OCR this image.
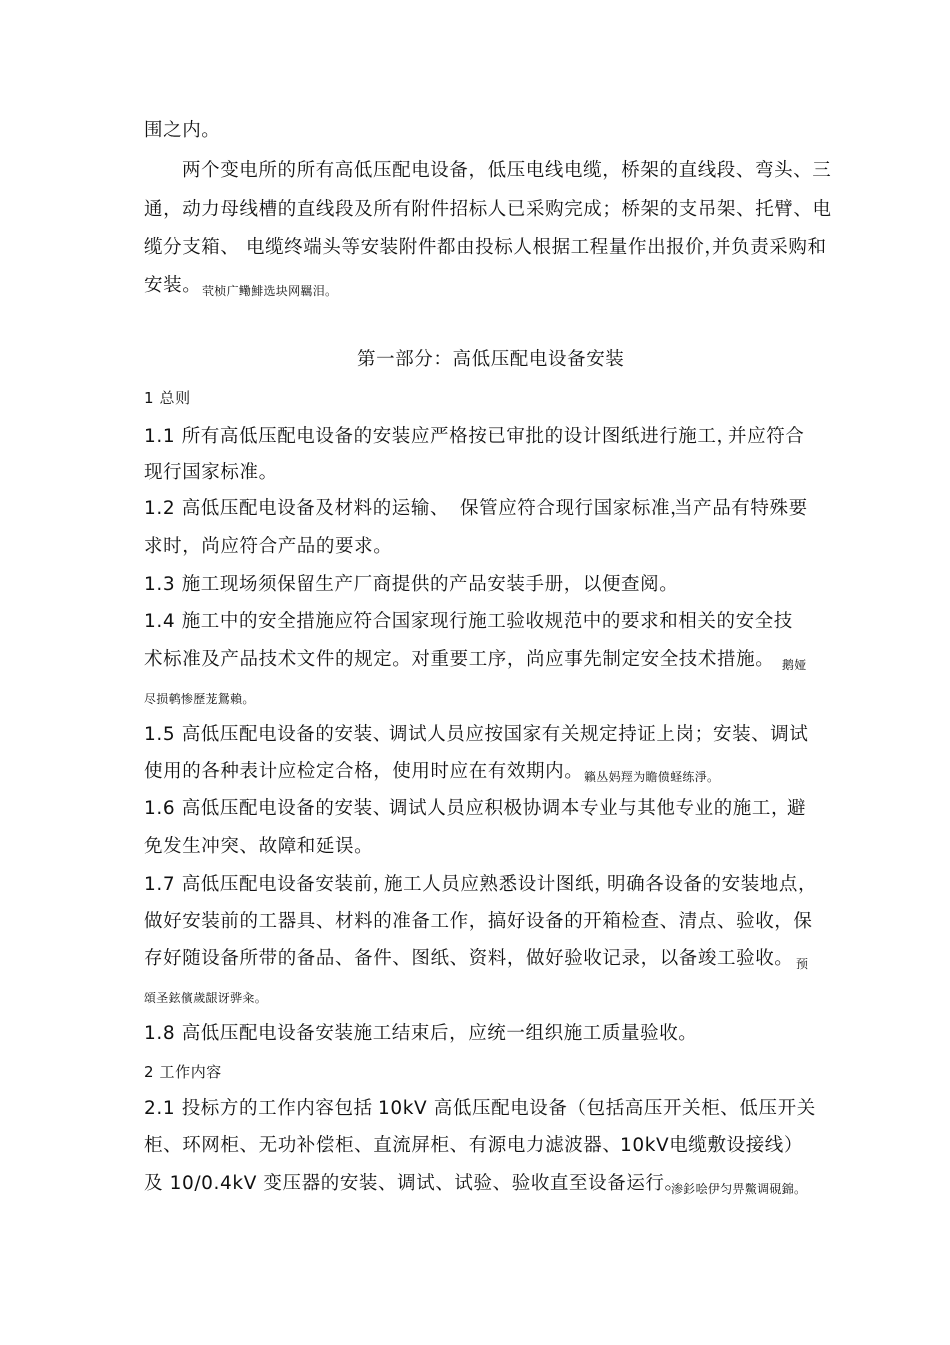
围之内。
两个变电所的所有高低压配电设备，低压电线电缆，桥架的直线段、弯头、三
通，动力母线槽的直线段及所有附件招标人已采购完成；桥架的支吊架、托臂、电
缆分支箱、 电缆终端头等安装附件都由投标人根据工程量作出报价，
并负责采购和
安装。 茕桢广鳓鯡选块网羈泪。
第一部分：高低压配电设备安装
1 总则
1.1 所有高低压配电设备的安装应严格按已审批的设计图纸进行施工，
并应符合
现行国家标准。
1.2 高低压配电设备及材料的运输、 保管应符合现行国家标准，
当产品有特殊要
求时，尚应符合产品的要求。
1.3 施工现场须保留生产厂商提供的产品安装手册，以便查阅。
1.4 施工中的安全措施应符合国家现行施工验收规范中的要求和相关的安全技
术标准及产品技术文件的规定。对重要工序，尚应事先制定安全技术措施。 鹅娅
尽损鹌惨歷茏鴛賴。
1.5 高低压配电设备的安装、
调试人员应按国家有关规定持证上岗； 安装、调试
使用的各种表计应检定合格，使用时应在有效期内。 籟丛妈羥为瞻偾蛏练淨。
1.6 高低压配电设备的安装、
调试人员应积极协调本专业与其他专业的施工，
避
免发生冲突、故障和延误。
1.7 高低压配电设备安装前，
施工人员应熟悉设计图纸，
明确各设备的安装地点，
做好安装前的工器具、材料的准备工作，搞好设备的开箱检查、清点、验收，保
存好随设备所带的备品、备件、图纸、资料，做好验收记录，以备竣工验收。 预
頌圣鉉儐歲龈讶骅籴。
1.8 高低压配电设备安装施工结束后，应统一组织施工质量验收。
2 工作内容
2.1 投标方的工作内容包括 10kV 高低压配电设备（包括高压开关柜、低压开关
柜、环网柜、无功补偿柜、直流屏柜、有源电力滤波器、
10kV电缆敷设接线）
及 10/0.4kV 变压器的安装、调试、试验、验收直至设备运行。
渗釤哙伊匀畀鱉调硯錦。
